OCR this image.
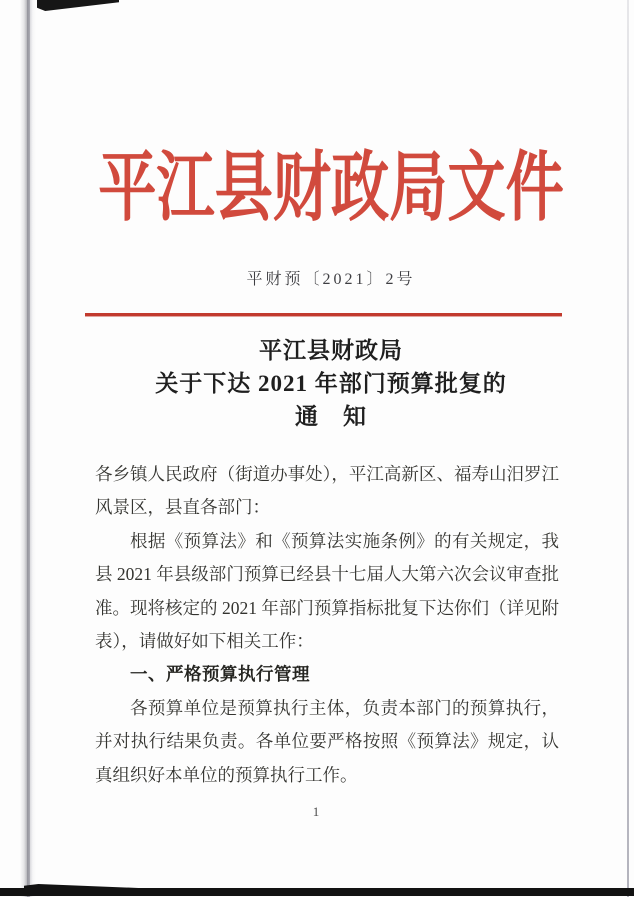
平江县财政局文件
平财预〔2021〕2号
平江县财政局
关于下达 2021 年部门预算批复的
通　知

各乡镇人民政府（街道办事处），平江高新区、福寿山汨罗江风景区，县直各部门：

根据《预算法》和《预算法实施条例》的有关规定，我县 2021 年县级部门预算已经县十七届人大第六次会议审查批准。现将核定的 2021 年部门预算指标批复下达你们（详见附表），请做好如下相关工作：

一、严格预算执行管理

各预算单位是预算执行主体，负责本部门的预算执行，并对执行结果负责。各单位要严格按照《预算法》规定，认真组织好本单位的预算执行工作。

1
